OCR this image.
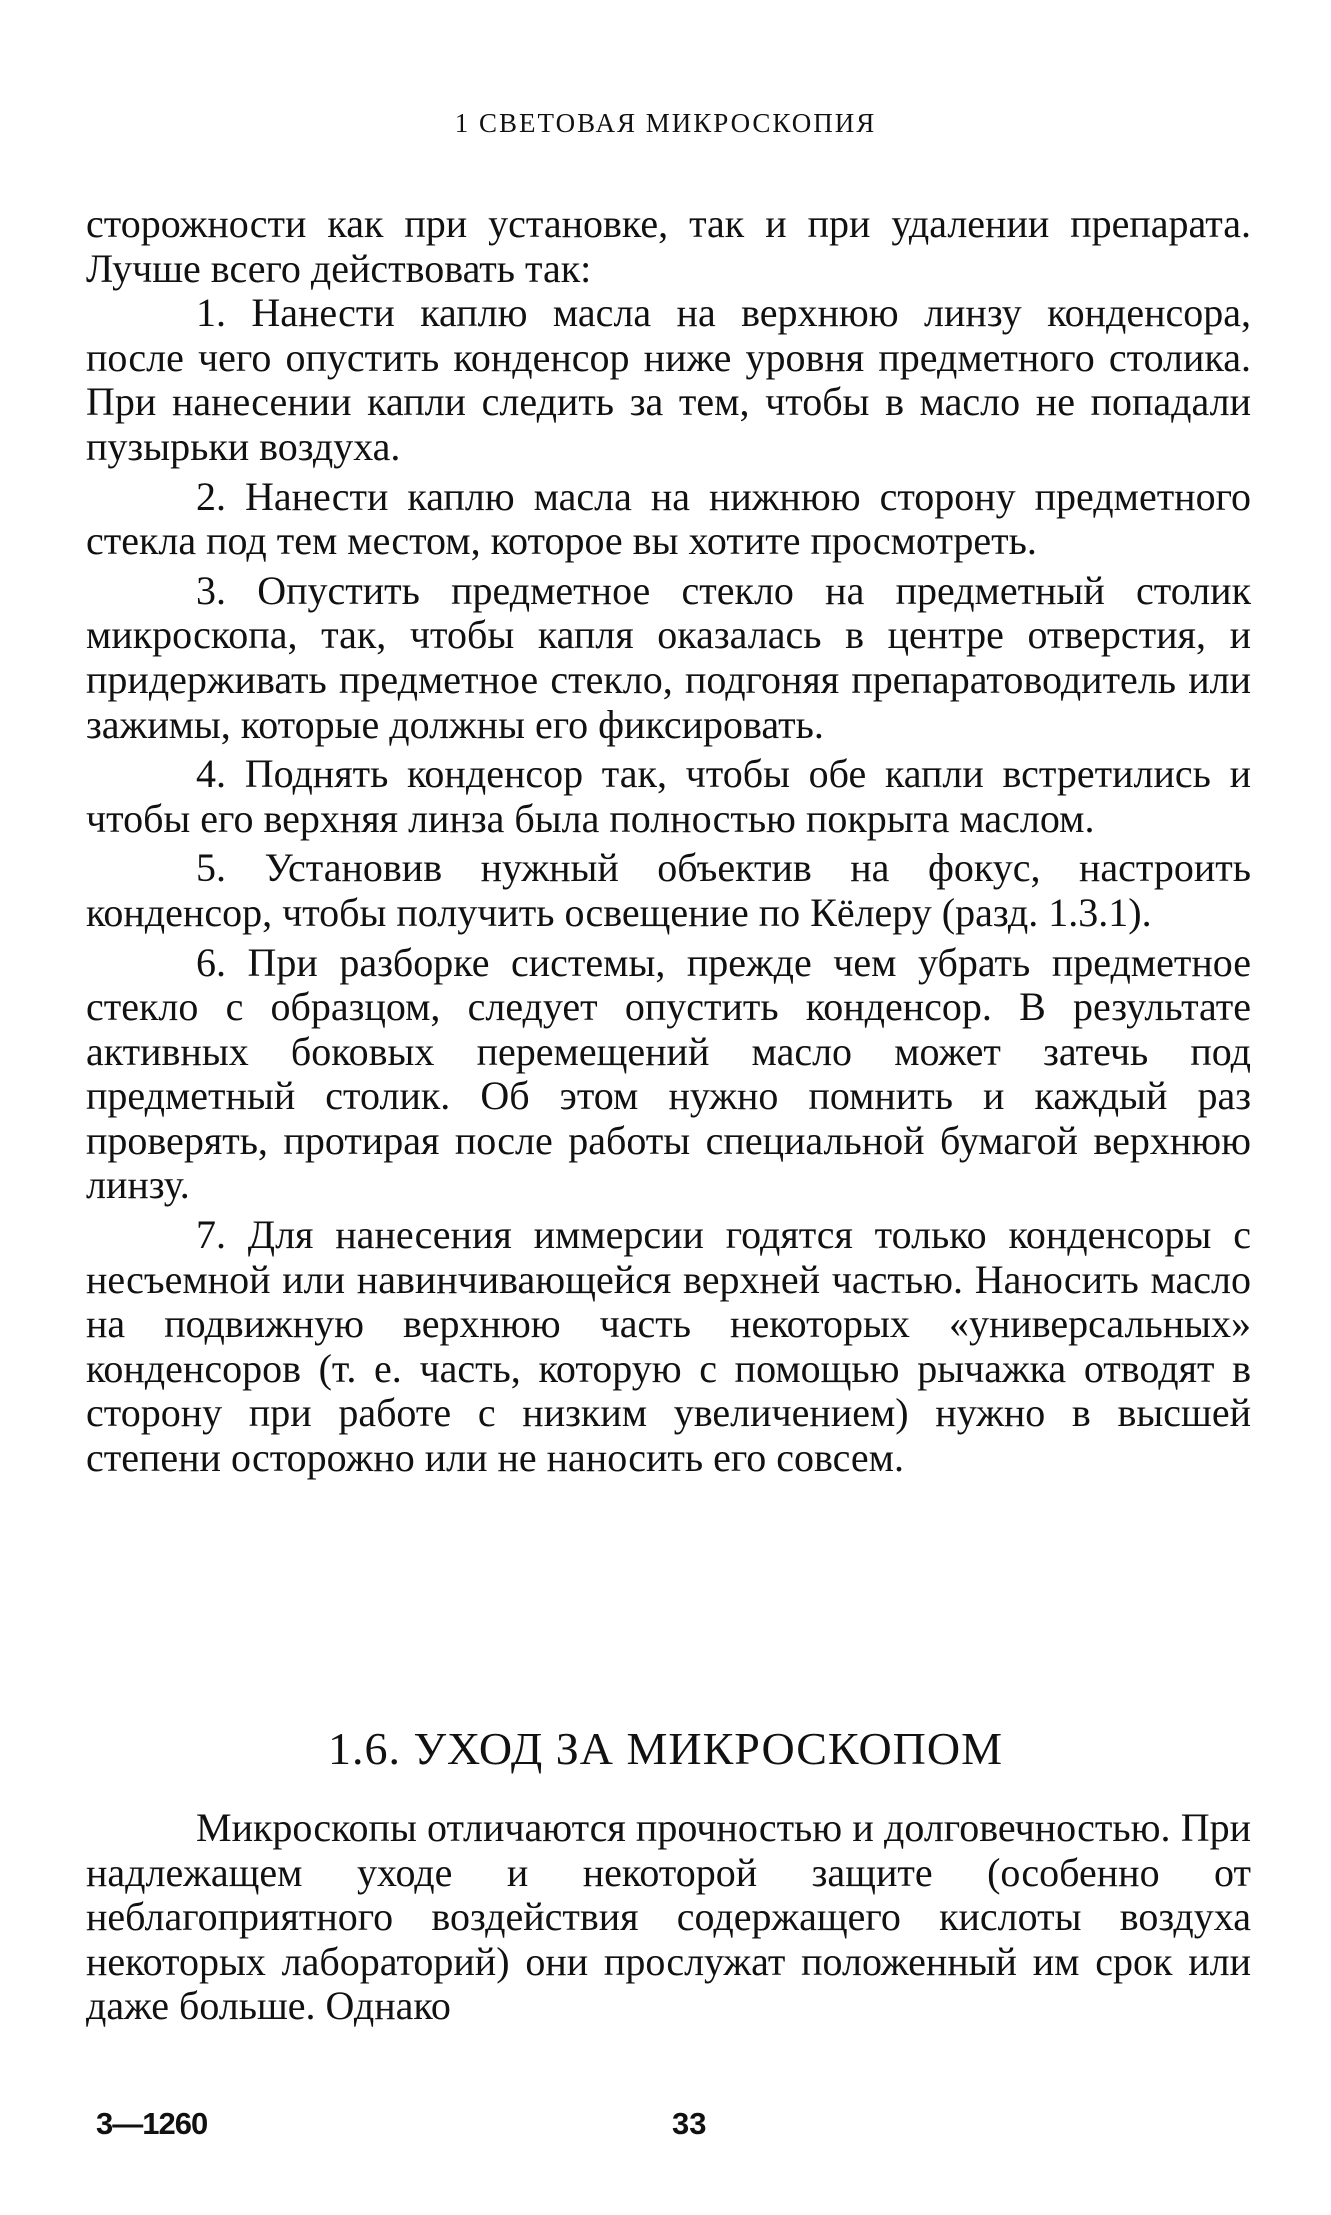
1 СВЕТОВАЯ МИКРОСКОПИЯ

сторожности как при установке, так и при удалении препарата. Лучше всего действовать так:

1. Нанести каплю масла на верхнюю линзу конденсора, после чего опустить конденсор ниже уровня предметного столика. При нанесении капли следить за тем, чтобы в масло не попадали пузырьки воздуха.

2. Нанести каплю масла на нижнюю сторону предметного стекла под тем местом, которое вы хотите просмотреть.

3. Опустить предметное стекло на предметный столик микроскопа, так, чтобы капля оказалась в центре отверстия, и придерживать предметное стекло, подгоняя препаратоводитель или зажимы, которые должны его фиксировать.

4. Поднять конденсор так, чтобы обе капли встретились и чтобы его верхняя линза была полностью покрыта маслом.

5. Установив нужный объектив на фокус, настроить конденсор, чтобы получить освещение по Кёлеру (разд. 1.3.1).

6. При разборке системы, прежде чем убрать предметное стекло с образцом, следует опустить конденсор. В результате активных боковых перемещений масло может затечь под предметный столик. Об этом нужно помнить и каждый раз проверять, протирая после работы специальной бумагой верхнюю линзу.

7. Для нанесения иммерсии годятся только конденсоры с несъемной или навинчивающейся верхней частью. Наносить масло на подвижную верхнюю часть некоторых «универсальных» конденсоров (т. е. часть, которую с помощью рычажка отводят в сторону при работе с низким увеличением) нужно в высшей степени осторожно или не наносить его совсем.

1.6. УХОД ЗА МИКРОСКОПОМ

Микроскопы отличаются прочностью и долговечностью. При надлежащем уходе и некоторой защите (особенно от неблагоприятного воздействия содержащего кислоты воздуха некоторых лабораторий) они прослужат положенный им срок или даже больше. Однако

3—1260	33
